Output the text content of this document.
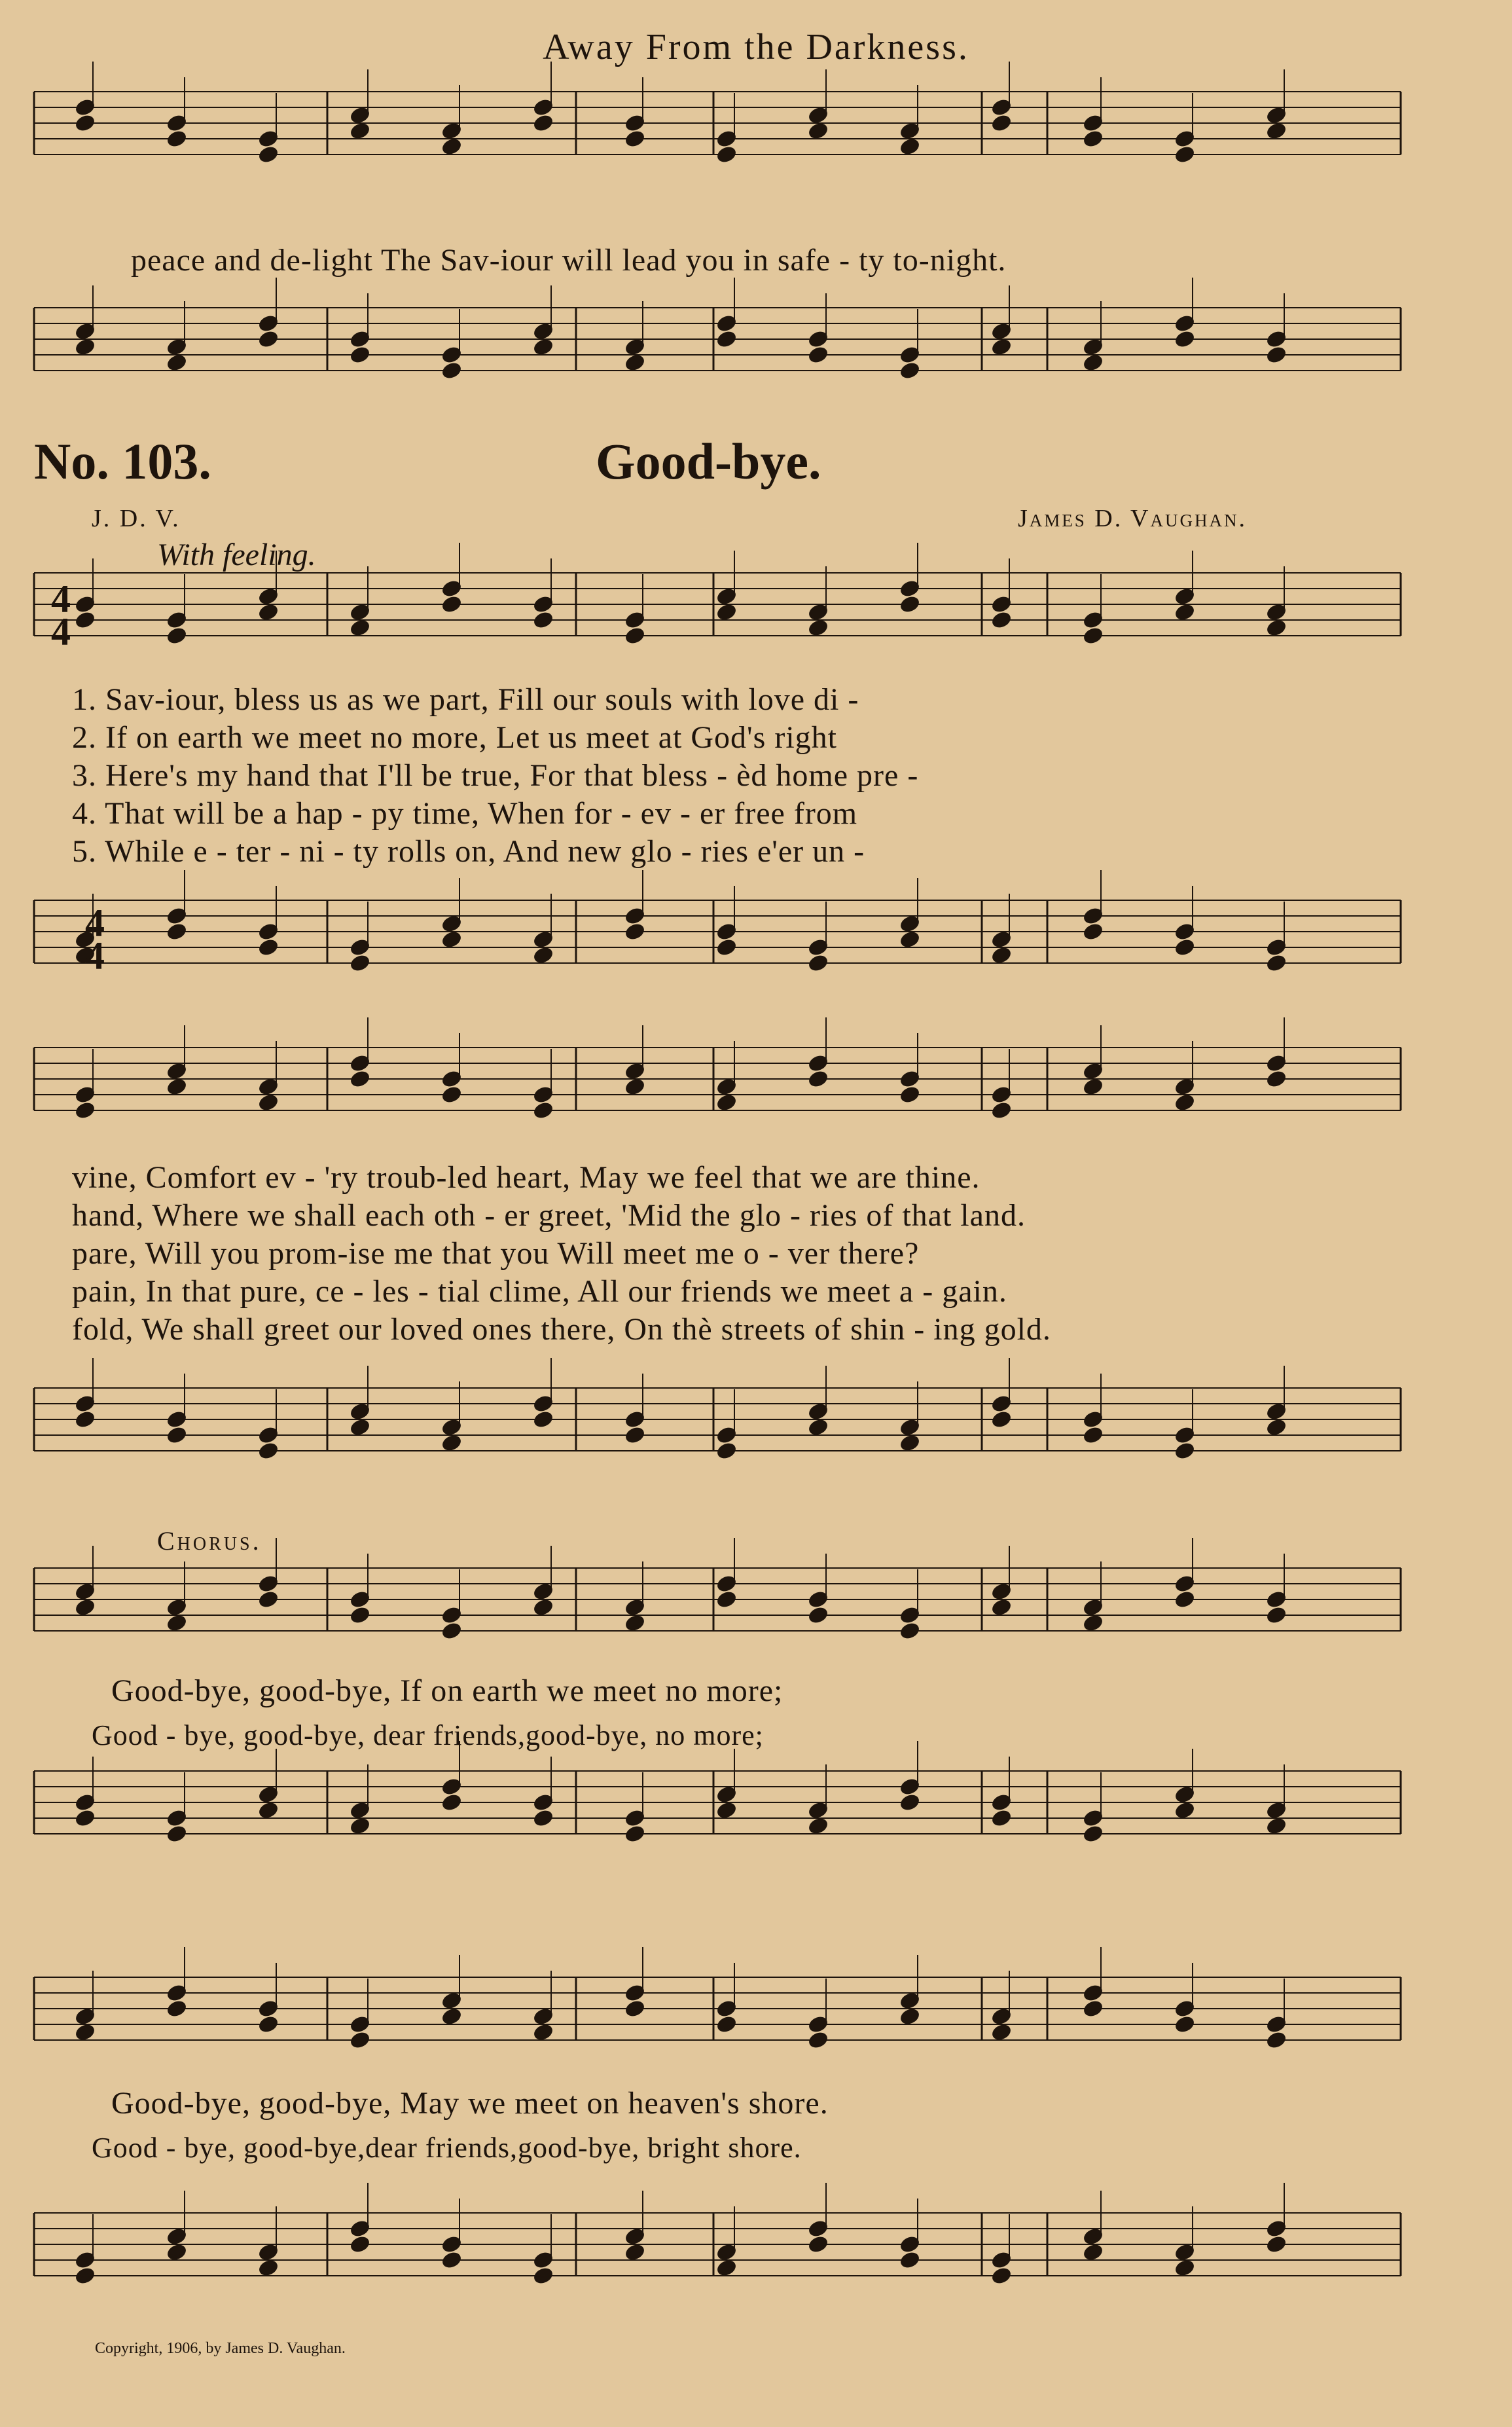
Away From the Darkness.
peace and de-light The Sav-iour will lead you in safe - ty to-night.
No. 103.	Good-bye.
J. D. V.	James D. Vaughan.
With feeling.
4
4
4
4
1. Sav-iour, bless us as we part, Fill our souls with love di -
2. If on earth we meet no more, Let us meet at God's right
3. Here's my hand that I'll be true, For that bless - èd home pre -
4. That will be a hap - py time, When for - ev - er free from
5. While e - ter - ni - ty rolls on, And new glo - ries e'er un -
vine, Comfort ev - 'ry troub-led heart, May we feel that we are thine.
hand, Where we shall each oth - er greet, 'Mid the glo - ries of that land.
pare, Will you prom-ise me that you Will meet me o - ver there?
pain, In that pure, ce - les - tial clime, All our friends we meet a - gain.
fold, We shall greet our loved ones there, On thè streets of shin - ing gold.
Chorus.
Good-bye, good-bye, If on earth we meet no more;
Good - bye, good-bye, dear friends,good-bye, no more;
Good-bye, good-bye, May we meet on heaven's shore.
Good - bye, good-bye,dear friends,good-bye, bright shore.
Copyright, 1906, by James D. Vaughan.
